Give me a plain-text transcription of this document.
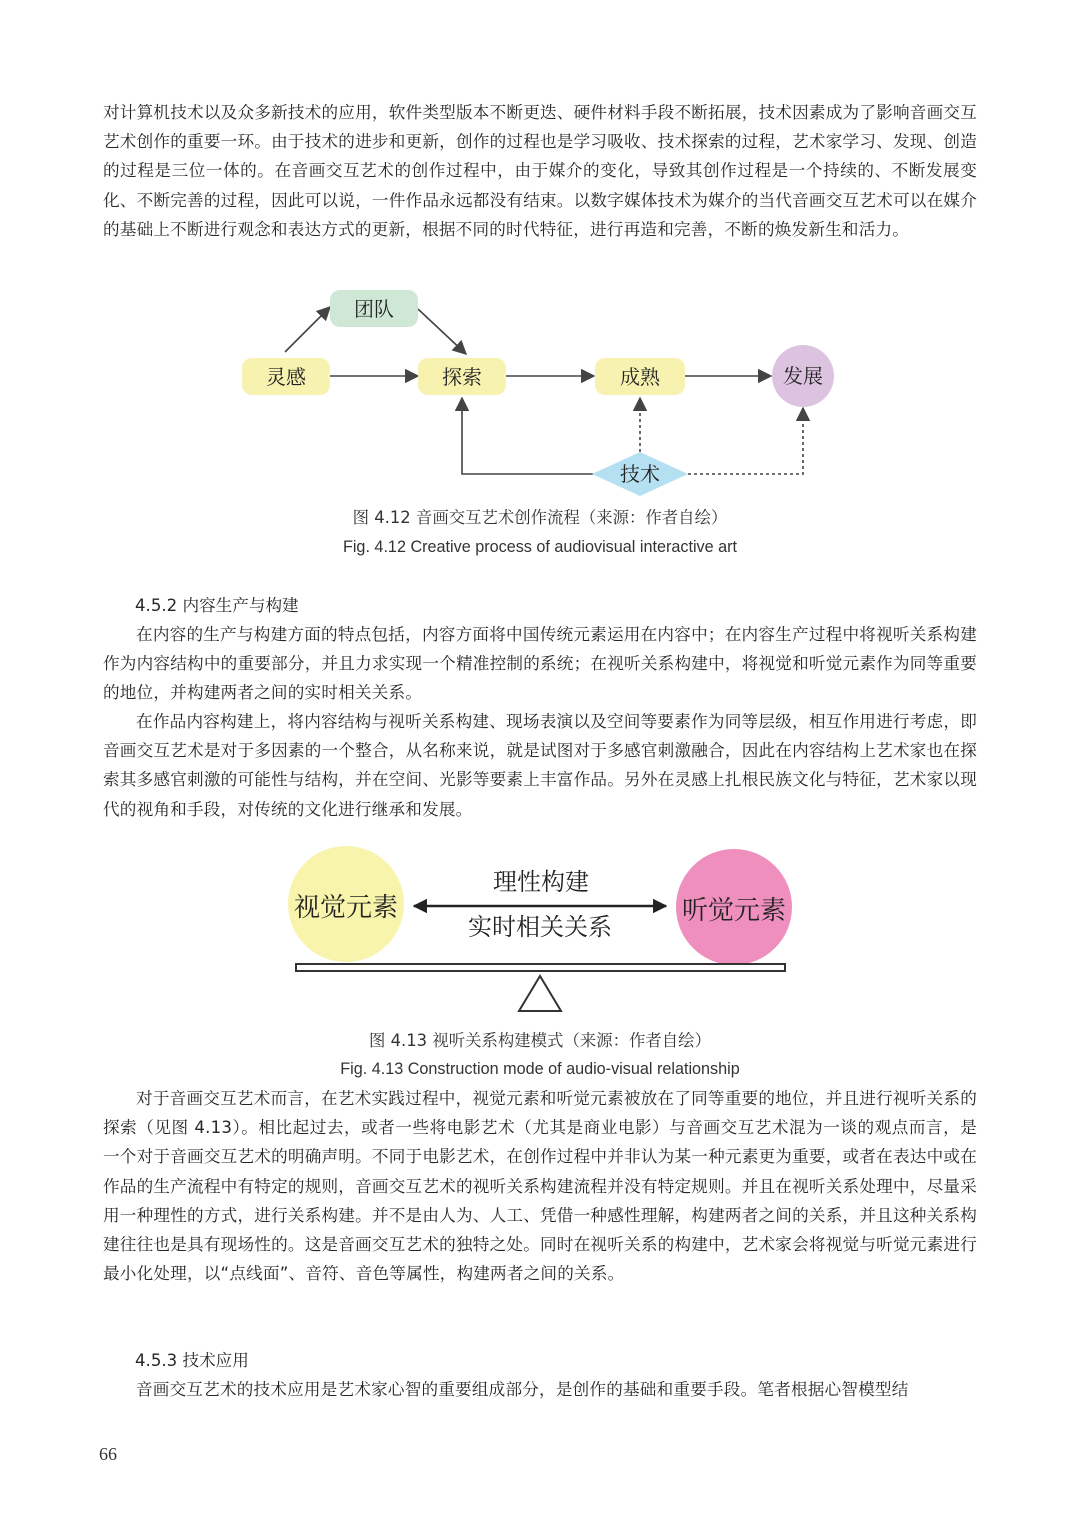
对计算机技术以及众多新技术的应用，软件类型版本不断更迭、硬件材料手段不断拓展，技术因素成为了影响音画交互艺术创作的重要一环。由于技术的进步和更新，创作的过程也是学习吸收、技术探索的过程，艺术家学习、发现、创造的过程是三位一体的。在音画交互艺术的创作过程中，由于媒介的变化，导致其创作过程是一个持续的、不断发展变化、不断完善的过程，因此可以说，一件作品永远都没有结束。以数字媒体技术为媒介的当代音画交互艺术可以在媒介的基础上不断进行观念和表达方式的更新，根据不同的时代特征，进行再造和完善，不断的焕发新生和活力。

团队
灵感	探索	成熟	发展
技术

图 4.12 音画交互艺术创作流程（来源：作者自绘）

Fig. 4.12 Creative process of audiovisual interactive art

4.5.2 内容生产与构建

在内容的生产与构建方面的特点包括，内容方面将中国传统元素运用在内容中；在内容生产过程中将视听关系构建作为内容结构中的重要部分，并且力求实现一个精准控制的系统；在视听关系构建中，将视觉和听觉元素作为同等重要的地位，并构建两者之间的实时相关关系。

在作品内容构建上，将内容结构与视听关系构建、现场表演以及空间等要素作为同等层级，相互作用进行考虑，即音画交互艺术是对于多因素的一个整合，从名称来说，就是试图对于多感官刺激融合，因此在内容结构上艺术家也在探索其多感官刺激的可能性与结构，并在空间、光影等要素上丰富作品。另外在灵感上扎根民族文化与特征，艺术家以现代的视角和手段，对传统的文化进行继承和发展。

视觉元素	听觉元素
理性构建
实时相关关系

图 4.13 视听关系构建模式（来源：作者自绘）

Fig. 4.13 Construction mode of audio-visual relationship

对于音画交互艺术而言，在艺术实践过程中，视觉元素和听觉元素被放在了同等重要的地位，并且进行视听关系的探索（见图 4.13）。相比起过去，或者一些将电影艺术（尤其是商业电影）与音画交互艺术混为一谈的观点而言，是一个对于音画交互艺术的明确声明。不同于电影艺术，在创作过程中并非认为某一种元素更为重要，或者在表达中或在作品的生产流程中有特定的规则，音画交互艺术的视听关系构建流程并没有特定规则。并且在视听关系处理中，尽量采用一种理性的方式，进行关系构建。并不是由人为、人工、凭借一种感性理解，构建两者之间的关系，并且这种关系构建往往也是具有现场性的。这是音画交互艺术的独特之处。同时在视听关系的构建中，艺术家会将视觉与听觉元素进行最小化处理，以“点线面”、音符、音色等属性，构建两者之间的关系。

4.5.3 技术应用

音画交互艺术的技术应用是艺术家心智的重要组成部分，是创作的基础和重要手段。笔者根据心智模型结

66
